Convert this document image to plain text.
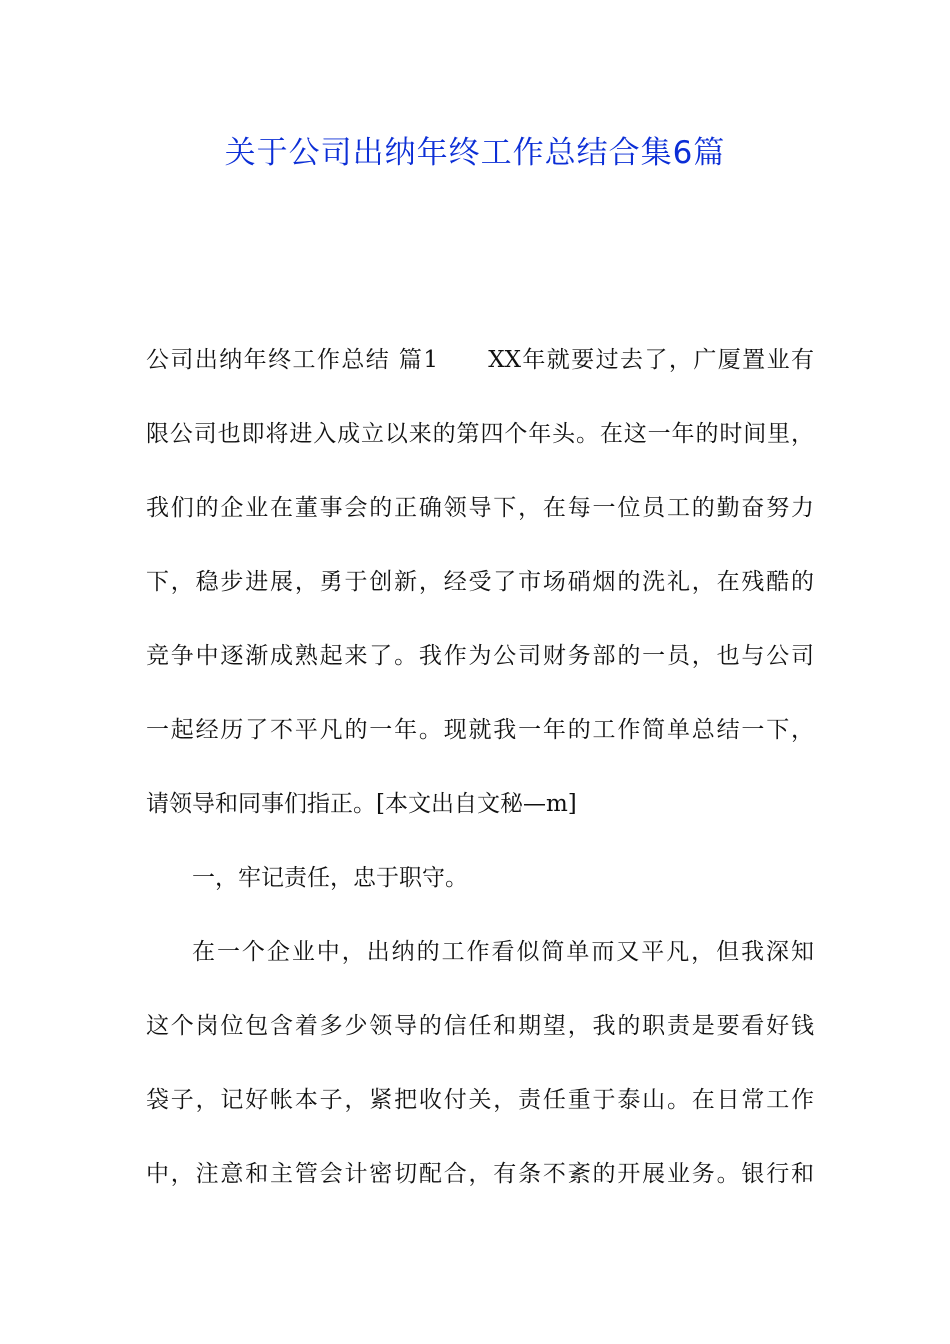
关于公司出纳年终工作总结合集6篇
公司出纳年终工作总结 篇1　　XX年就要过去了，广厦置业有
限公司也即将进入成立以来的第四个年头。在这一年的时间里，
我们的企业在董事会的正确领导下，在每一位员工的勤奋努力
下，稳步进展，勇于创新，经受了市场硝烟的洗礼，在残酷的
竞争中逐渐成熟起来了。我作为公司财务部的一员，也与公司
一起经历了不平凡的一年。现就我一年的工作简单总结一下，
请领导和同事们指正。[本文出自文秘—m]
一，牢记责任，忠于职守。
在一个企业中，出纳的工作看似简单而又平凡，但我深知
这个岗位包含着多少领导的信任和期望，我的职责是要看好钱
袋子，记好帐本子，紧把收付关，责任重于泰山。在日常工作
中，注意和主管会计密切配合，有条不紊的开展业务。银行和
